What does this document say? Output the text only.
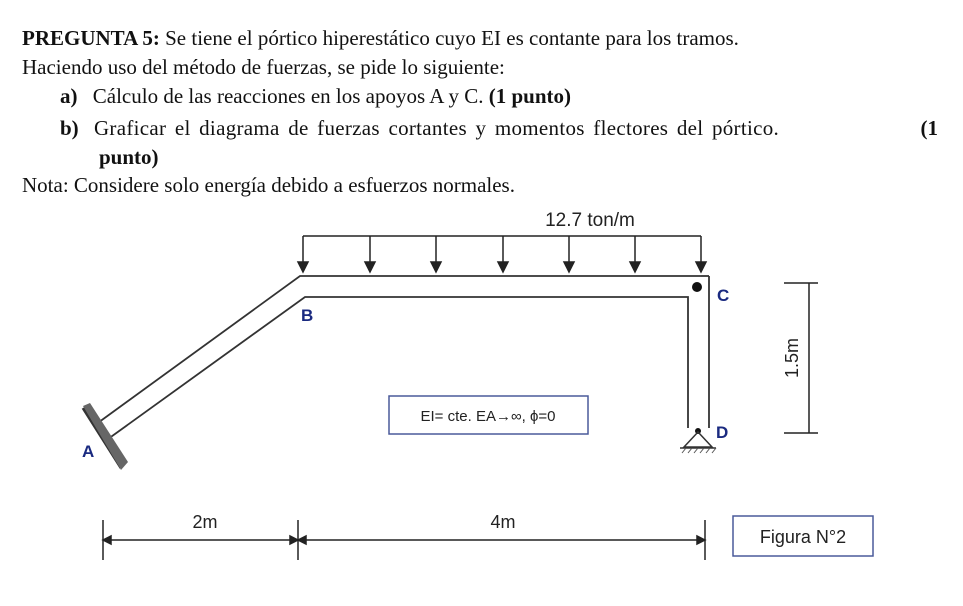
PREGUNTA 5: Se tiene el pórtico hiperestático cuyo EI es contante para los tramos.
Haciendo uso del método de fuerzas, se pide lo siguiente:
a) Cálculo de las reacciones en los apoyos A y C. (1 punto)
b) Graficar el diagrama de fuerzas cortantes y momentos flectores del pórtico.	(1
punto)
Nota: Considere solo energía debido a esfuerzos normales.
12.7 ton/m
A
B
C
D
EI= cte. EA→∞, ϕ=0
1.5m
2m	4m
Figura N°2
